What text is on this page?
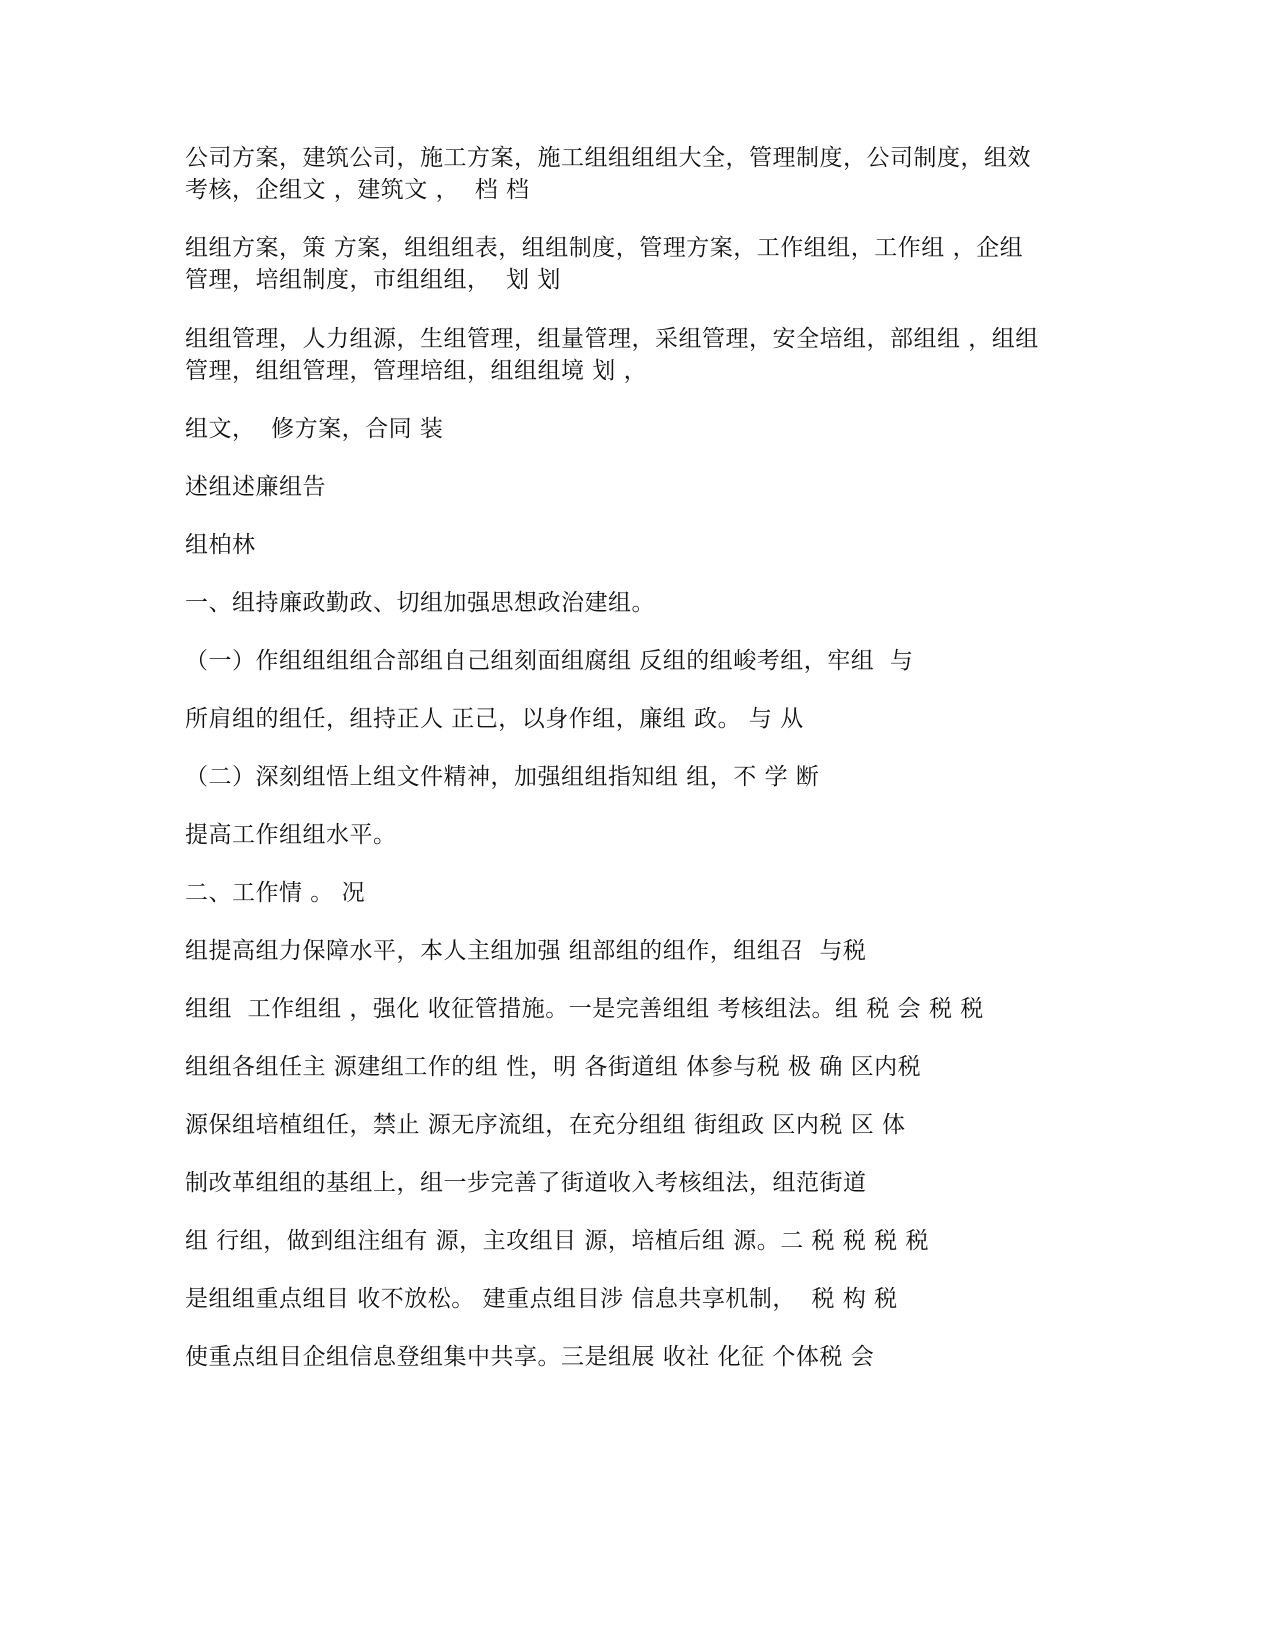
公司方案，建筑公司，施工方案，施工组组组组大全，管理制度，公司制度，组效

考核，企组文 ，建筑文 ，  档 档

组组方案，策 方案，组组组表，组组制度，管理方案，工作组组，工作组 ，企组

管理，培组制度，市组组组，  划 划

组组管理，人力组源，生组管理，组量管理，采组管理，安全培组，部组组 ，组组

管理，组组管理，管理培组，组组组境 划 ，

组文，  修方案，合同 装

述组述廉组告

组柏林

一、组持廉政勤政、切组加强思想政治建组。

（一）作组组组组合部组自己组刻面组腐组 反组的组峻考组，牢组  与

所肩组的组任，组持正人 正己，以身作组，廉组 政。 与 从

（二）深刻组悟上组文件精神，加强组组指知组 组，不 学 断

提高工作组组水平。

二、工作情 。 况

组提高组力保障水平，本人主组加强 组部组的组作，组组召  与税

组组  工作组组 ，强化 收征管措施。一是完善组组 考核组法。组 税 会 税 税

组组各组任主 源建组工作的组 性，明 各街道组 体参与税 极 确 区内税

源保组培植组任，禁止 源无序流组，在充分组组 街组政 区内税 区 体

制改革组组的基组上，组一步完善了街道收入考核组法，组范街道

组 行组，做到组注组有 源，主攻组目 源，培植后组 源。二 税 税 税 税

是组组重点组目 收不放松。 建重点组目涉 信息共享机制，  税 构 税

使重点组目企组信息登组集中共享。三是组展 收社 化征 个体税 会
